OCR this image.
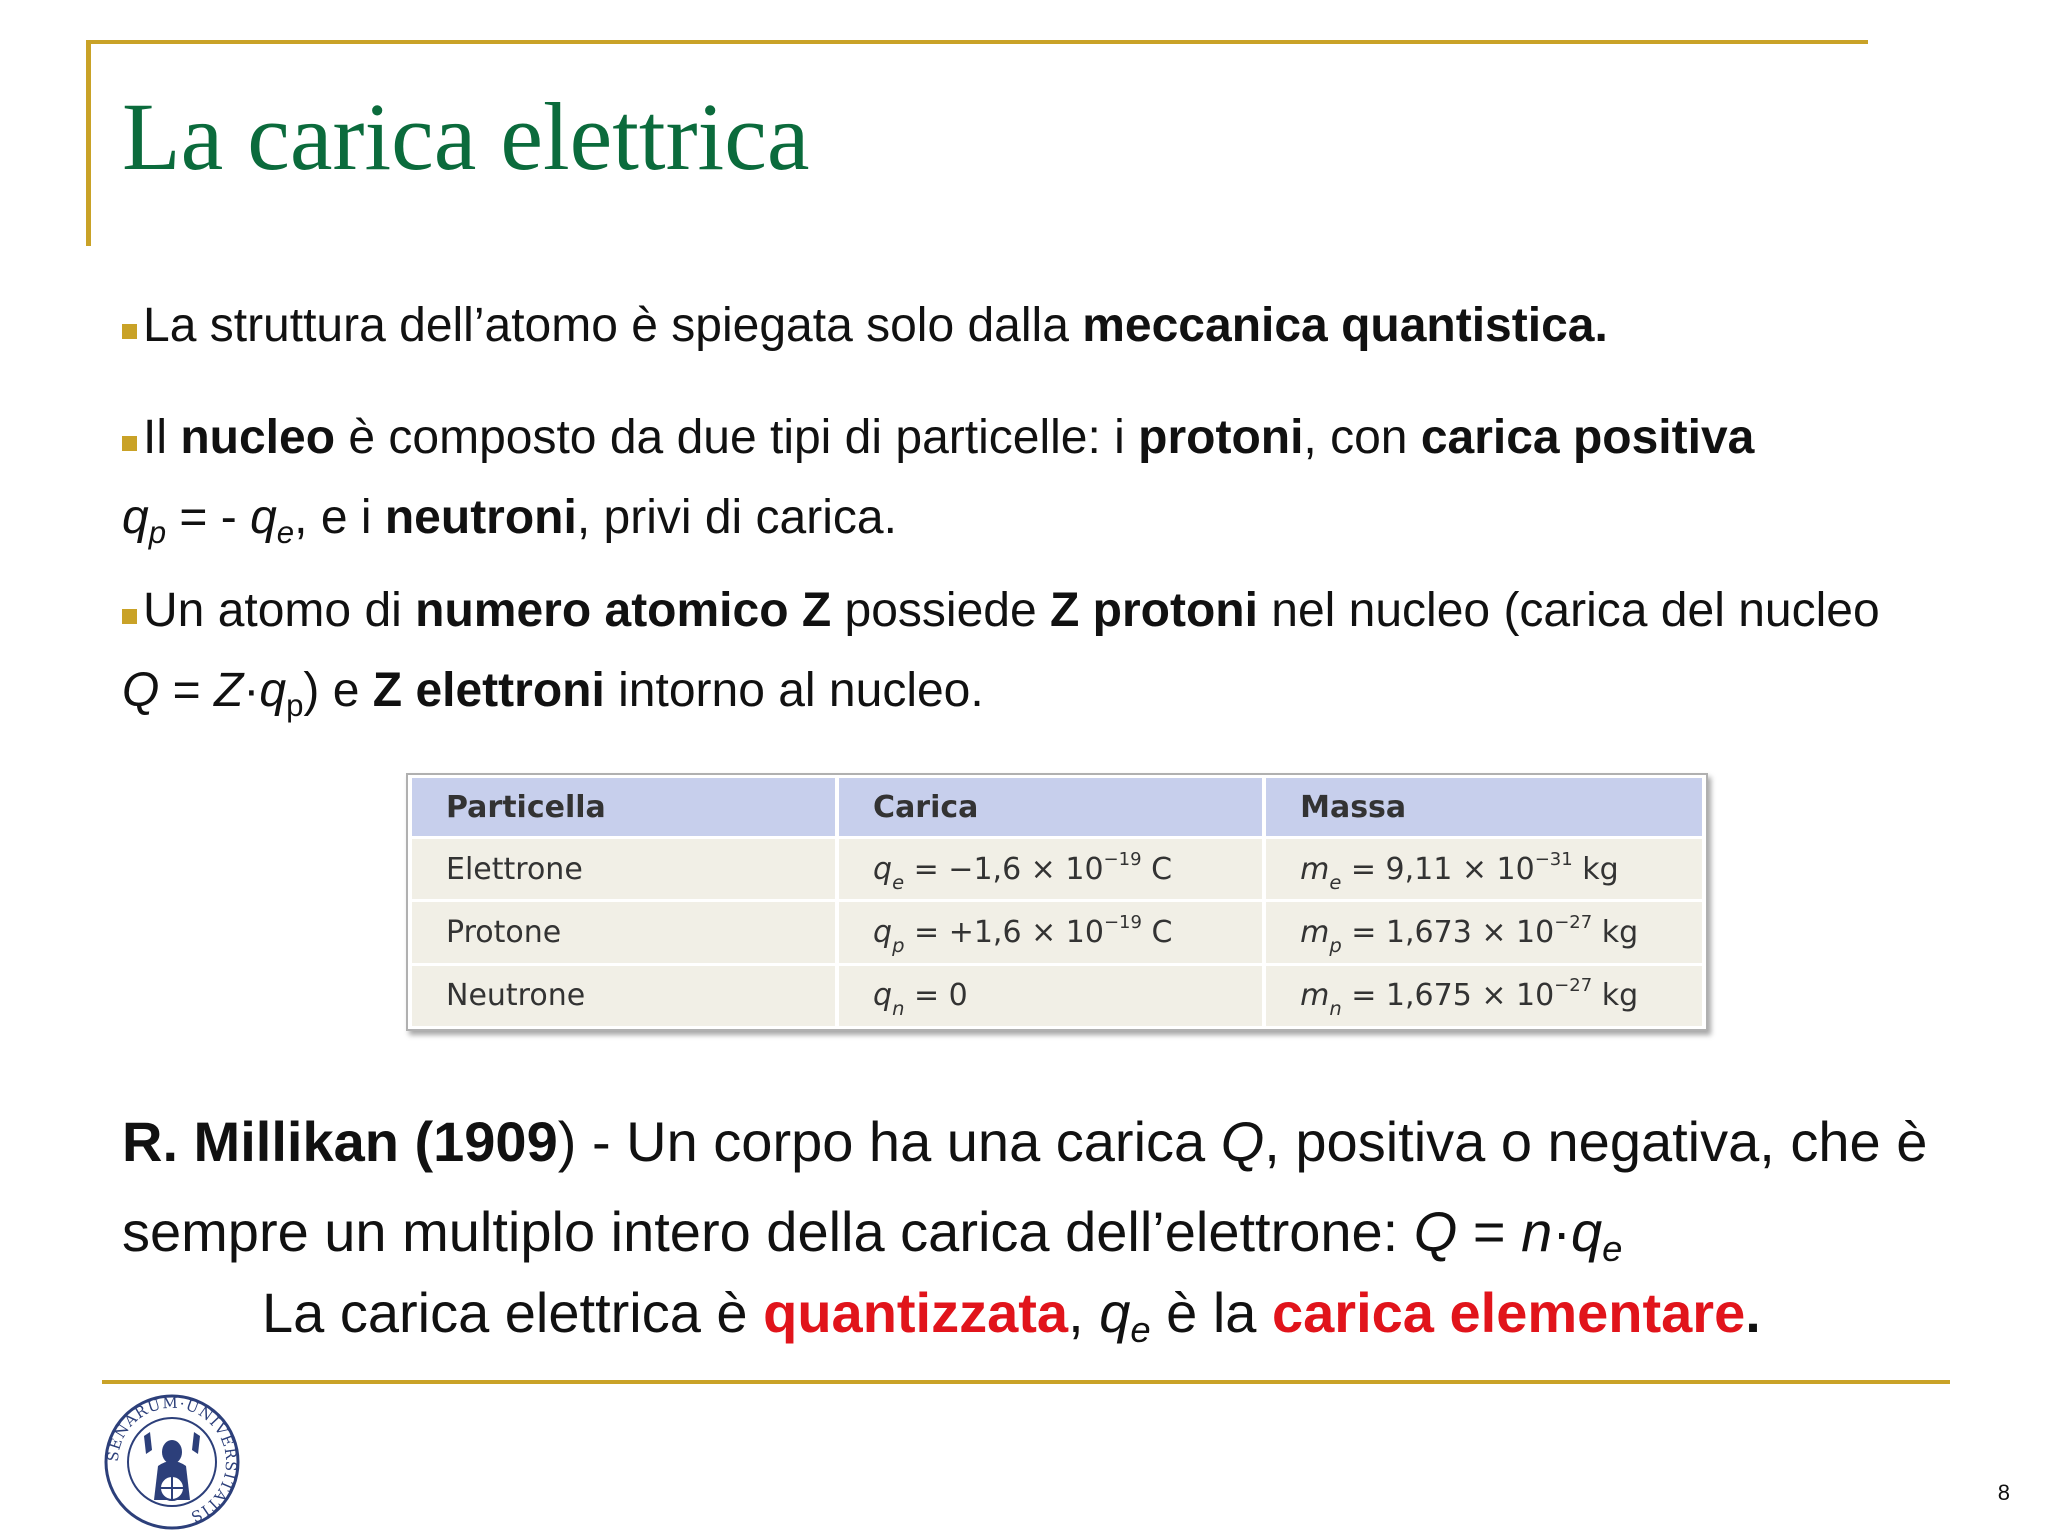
La carica elettrica

La struttura dell’atomo è spiegata solo dalla meccanica quantistica.

Il nucleo è composto da due tipi di particelle: i protoni, con carica positiva
$q_p$ = - $q_e$, e i neutroni, privi di carica.

Un atomo di numero atomico Z possiede Z protoni nel nucleo (carica del nucleo $Q = Z\cdot q_p$) e Z elettroni intorno al nucleo.

Particella	Carica	Massa
Elettrone	$q_e = -1,6 \times 10^{-19}$ C	$m_e = 9,11 \times 10^{-31}$ kg
Protone	$q_p = +1,6 \times 10^{-19}$ C	$m_p = 1,673 \times 10^{-27}$ kg
Neutrone	$q_n = 0$	$m_n = 1,675 \times 10^{-27}$ kg

R. Millikan (1909) - Un corpo ha una carica Q, positiva o negativa, che è sempre un multiplo intero della carica dell’elettrone: $Q = n\cdot q_e$

La carica elettrica è quantizzata, $q_e$ è la carica elementare.

SENARUM·UNIVERSITATIS
8
